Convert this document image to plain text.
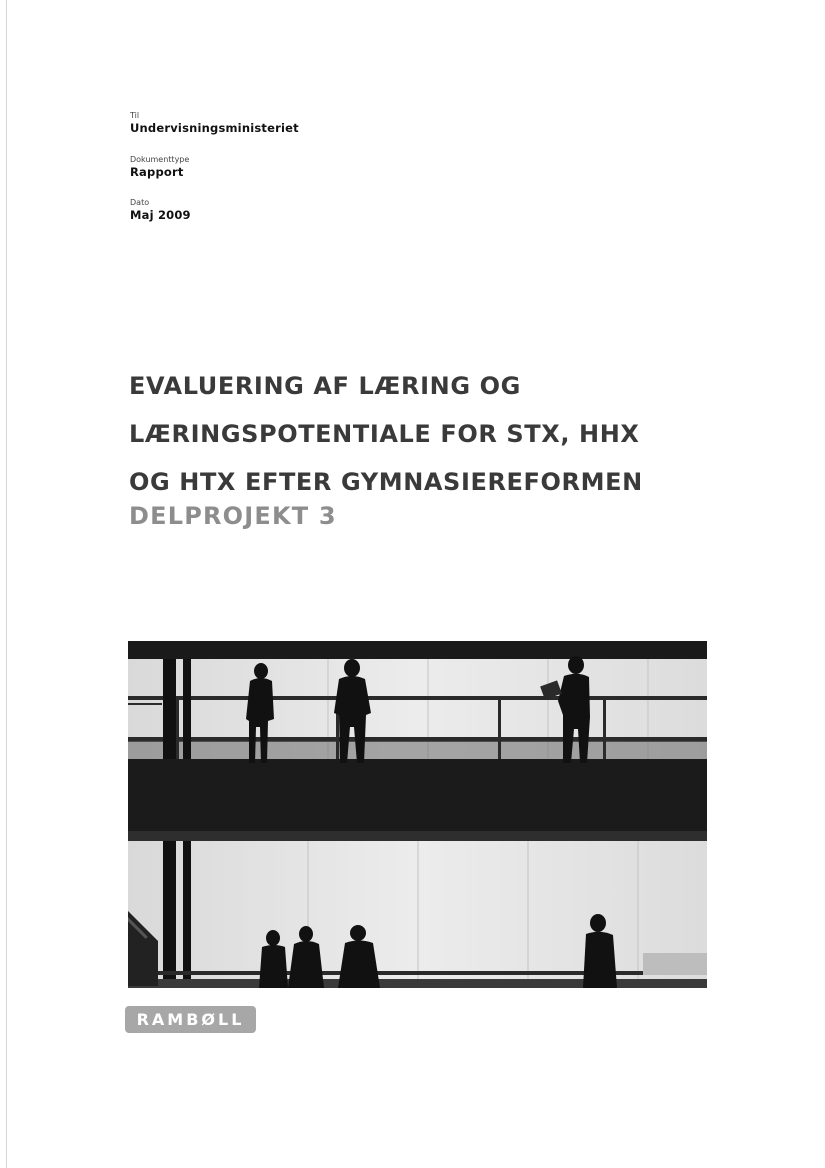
Til
Undervisningsministeriet
Dokumenttype
Rapport
Dato
Maj 2009
EVALUERING AF LÆRING OG
LÆRINGSPOTENTIALE FOR STX, HHX
OG HTX EFTER GYMNASIEREFORMEN
DELPROJEKT 3
RAMBØLL
